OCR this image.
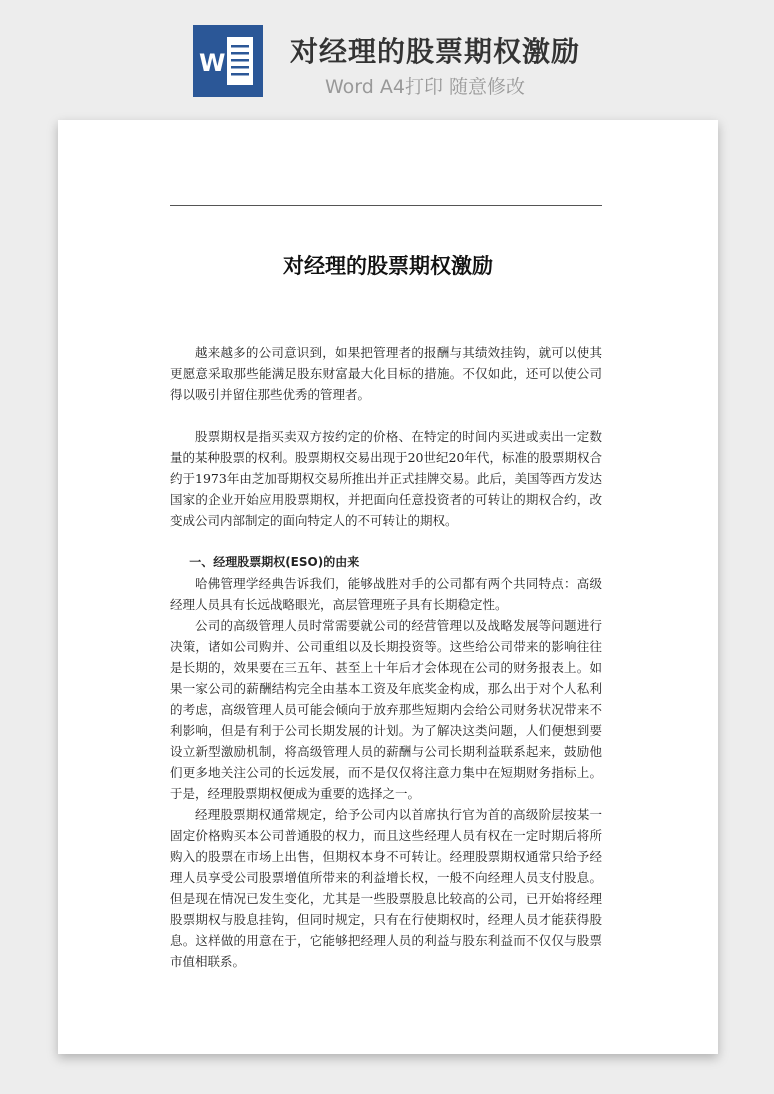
W 对经理的股票期权激励
Word A4打印 随意修改
对经理的股票期权激励

越来越多的公司意识到，如果把管理者的报酬与其绩效挂钩，就可以使其更愿意采取那些能满足股东财富最大化目标的措施。不仅如此，还可以使公司得以吸引并留住那些优秀的管理者。

股票期权是指买卖双方按约定的价格、在特定的时间内买进或卖出一定数量的某种股票的权利。股票期权交易出现于20世纪20年代，标准的股票期权合约于1973年由芝加哥期权交易所推出并正式挂牌交易。此后，美国等西方发达国家的企业开始应用股票期权，并把面向任意投资者的可转让的期权合约，改变成公司内部制定的面向特定人的不可转让的期权。

一、经理股票期权(ESO)的由来

哈佛管理学经典告诉我们，能够战胜对手的公司都有两个共同特点：高级经理人员具有长远战略眼光，高层管理班子具有长期稳定性。

公司的高级管理人员时常需要就公司的经营管理以及战略发展等问题进行决策，诸如公司购并、公司重组以及长期投资等。这些给公司带来的影响往往是长期的，效果要在三五年、甚至上十年后才会体现在公司的财务报表上。如果一家公司的薪酬结构完全由基本工资及年底奖金构成，那么出于对个人私利的考虑，高级管理人员可能会倾向于放弃那些短期内会给公司财务状况带来不利影响，但是有利于公司长期发展的计划。为了解决这类问题，人们便想到要设立新型激励机制，将高级管理人员的薪酬与公司长期利益联系起来，鼓励他们更多地关注公司的长远发展，而不是仅仅将注意力集中在短期财务指标上。于是，经理股票期权便成为重要的选择之一。

经理股票期权通常规定，给予公司内以首席执行官为首的高级阶层按某一固定价格购买本公司普通股的权力，而且这些经理人员有权在一定时期后将所购入的股票在市场上出售，但期权本身不可转让。经理股票期权通常只给予经理人员享受公司股票增值所带来的利益增长权，一般不向经理人员支付股息。但是现在情况已发生变化，尤其是一些股票股息比较高的公司，已开始将经理股票期权与股息挂钩，但同时规定，只有在行使期权时，经理人员才能获得股息。这样做的用意在于，它能够把经理人员的利益与股东利益而不仅仅与股票市值相联系。
